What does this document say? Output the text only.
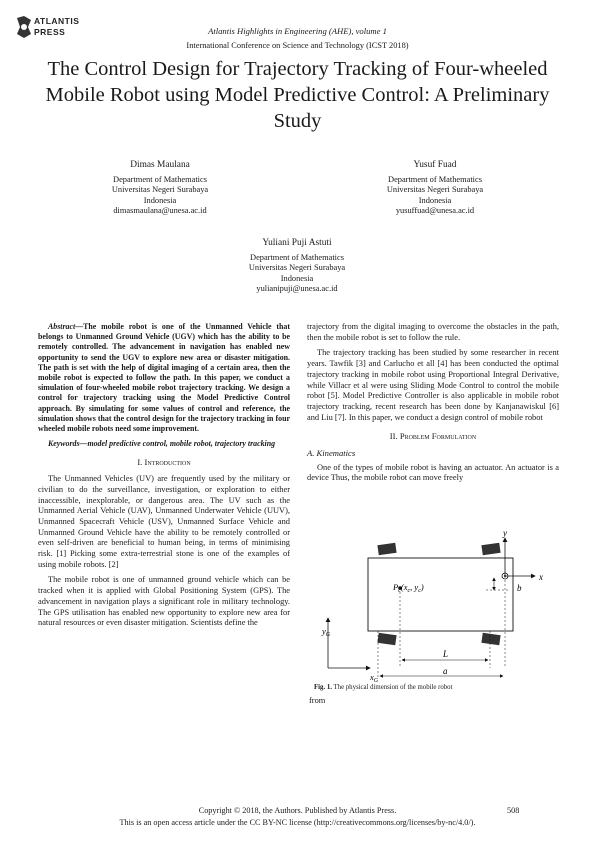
ATLANTIS
PRESS	Atlantis Highlights in Engineering (AHE), volume 1
International Conference on Science and Technology (ICST 2018)
The Control Design for Trajectory Tracking of Four-wheeled Mobile Robot using Model Predictive Control: A Preliminary Study
Dimas Maulana
Department of Mathematics
Universitas Negeri Surabaya
Indonesia
dimasmaulana@unesa.ac.id
Yusuf Fuad
Department of Mathematics
Universitas Negeri Surabaya
Indonesia
yusuffuad@unesa.ac.id
Yuliani Puji Astuti
Department of Mathematics
Universitas Negeri Surabaya
Indonesia
yulianipuji@unesa.ac.id

Abstract—The mobile robot is one of the Unmanned Vehicle that belongs to Unmanned Ground Vehicle (UGV) which has the ability to be remotely controlled. The advancement in navigation has enabled new opportunity to send the UGV to explore new area or disaster mitigation. The path is set with the help of digital imaging of a certain area, then the mobile robot is expected to follow the path. In this paper, we conduct a simulation of four-wheeled mobile robot trajectory tracking. We design a control for trajectory tracking using the Model Predictive Control approach. By simulating for some values of control and reference, the simulation shows that the control design for the trajectory tracking in four wheeled mobile robots need some improvement.

Keywords—model predictive control, mobile robot, trajectory tracking

I. Introduction

The Unmanned Vehicles (UV) are frequently used by the military or civilian to do the surveillance, investigation, or exploration to either inaccessible, inexplorable, or dangerous area. The UV such as the Unmanned Aerial Vehicle (UAV), Unmanned Underwater Vehicle (UUV), Unmanned Spacecraft Vehicle (USV), Unmanned Surface Vehicle and Unmanned Ground Vehicle have the ability to be remotely controlled or even self-driven are beneficial to human being, in terms of minimising risk. [1] Picking some extra-terrestrial stone is one of the examples of using mobile robots. [2]

The mobile robot is one of unmanned ground vehicle which can be tracked when it is applied with Global Positioning System (GPS). The advancement in navigation plays a significant role in military technology. The GPS utilisation has enabled new opportunity to explore new area for natural resources or even disaster mitigation. Scientists define the

trajectory from the digital imaging to overcome the obstacles in the path, then the mobile robot is set to follow the rule.

The trajectory tracking has been studied by some researcher in recent years. Tawfik [3] and Carlucho et all [4] has been conducted the optimal trajectory tracking in mobile robot using Proportional Integral Derivative, while Villacr et al were using Sliding Mode Control to control the mobile robot [5]. Model Predictive Controller is also applicable in mobile robot trajectory tracking, recent research has been done by Kanjanawiskul [6] and Liu [7]. In this paper, we conduct a design control of mobile robot

II. Problem Formulation
A. Kinematics

One of the types of mobile robot is having an actuator. An actuator is a device Thus, the mobile robot can move freely

y
x
b
L
a
$y_G$
$x_G$
$P_c(x_c$, $y_c$)
Fig. 1. The physical dimension of the mobile robot
from
Copyright © 2018, the Authors. Published by Atlantis Press.	508
This is an open access article under the CC BY-NC license (http://creativecommons.org/licenses/by-nc/4.0/).
